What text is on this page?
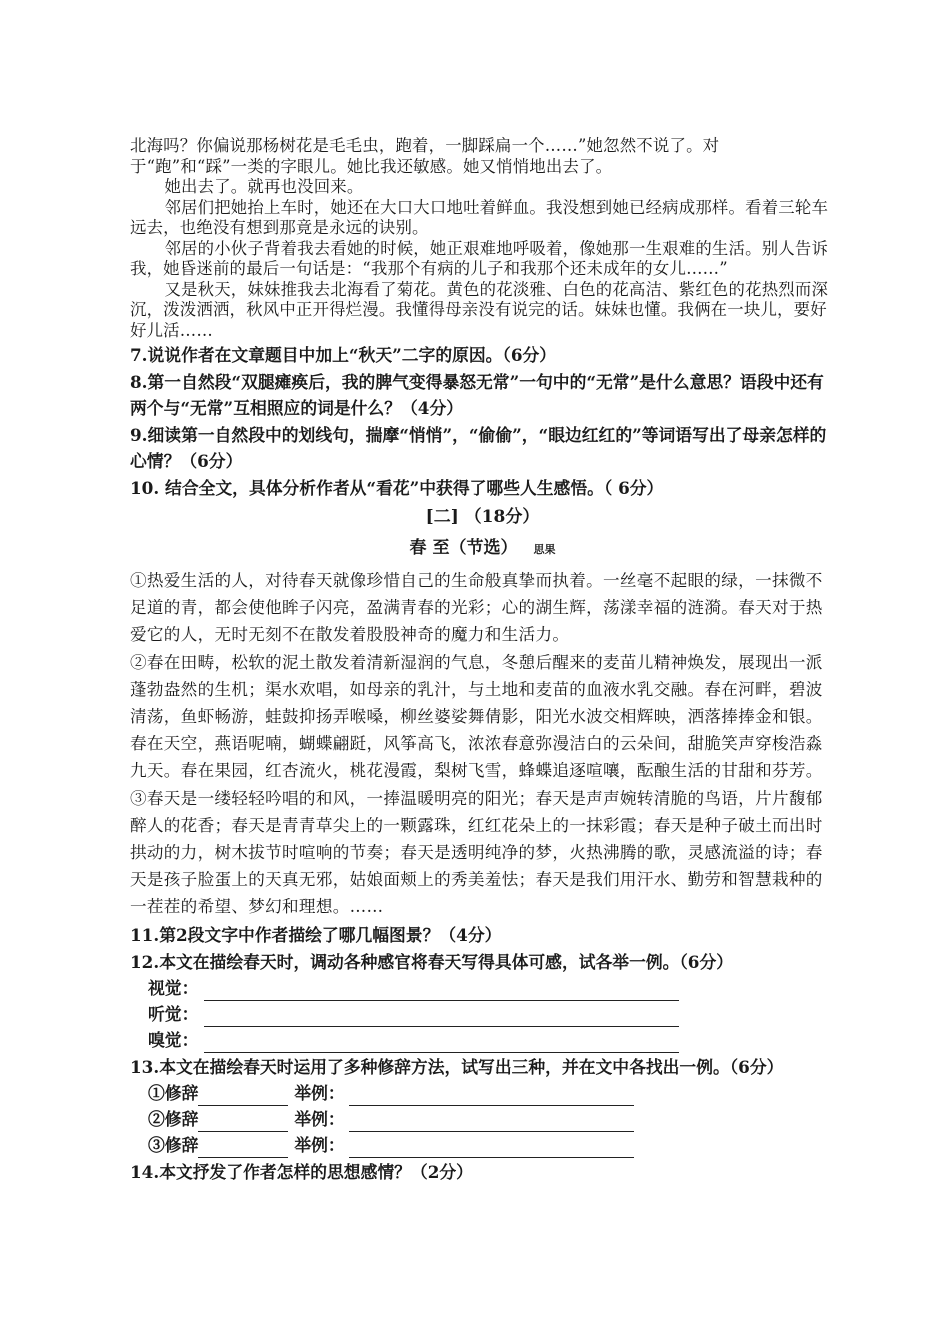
北海吗？你偏说那杨树花是毛毛虫，跑着，一脚踩扁一个……”她忽然不说了。对于“跑”和“踩”一类的字眼儿。她比我还敏感。她又悄悄地出去了。
她出去了。就再也没回来。
邻居们把她抬上车时，她还在大口大口地吐着鲜血。我没想到她已经病成那样。看着三轮车远去，也绝没有想到那竟是永远的诀别。
邻居的小伙子背着我去看她的时候，她正艰难地呼吸着，像她那一生艰难的生活。别人告诉我，她昏迷前的最后一句话是：“我那个有病的儿子和我那个还未成年的女儿……”
又是秋天，妹妹推我去北海看了菊花。黄色的花淡雅、白色的花高洁、紫红色的花热烈而深沉，泼泼洒洒，秋风中正开得烂漫。我懂得母亲没有说完的话。妹妹也懂。我俩在一块儿，要好好儿活……
7.说说作者在文章题目中加上“秋天”二字的原因。（6分）
8.第一自然段“双腿瘫痪后，我的脾气变得暴怒无常”一句中的“无常”是什么意思？语段中还有两个与“无常”互相照应的词是什么？（4分）
9.细读第一自然段中的划线句，揣摩“悄悄”，“偷偷”，“眼边红红的”等词语写出了母亲怎样的心情？（6分）
10. 结合全文，具体分析作者从“看花”中获得了哪些人生感悟。（ 6分）
[二] （18分）
春 至（节选） 思果
①热爱生活的人，对待春天就像珍惜自己的生命般真挚而执着。一丝毫不起眼的绿，一抹微不足道的青，都会使他眸子闪亮，盈满青春的光彩；心的湖生辉，荡漾幸福的涟漪。春天对于热爱它的人，无时无刻不在散发着股股神奇的魔力和生活力。
②春在田畴，松软的泥土散发着清新湿润的气息，冬憩后醒来的麦苗儿精神焕发，展现出一派蓬勃盎然的生机；渠水欢唱，如母亲的乳汁，与土地和麦苗的血液水乳交融。春在河畔，碧波清荡，鱼虾畅游，蛙鼓抑扬弄喉嗓，柳丝婆娑舞倩影，阳光水波交相辉映，洒落捧捧金和银。春在天空，燕语呢喃，蝴蝶翩跹，风筝高飞，浓浓春意弥漫洁白的云朵间，甜脆笑声穿梭浩淼九天。春在果园，红杏流火，桃花漫霞，梨树飞雪，蜂蝶追逐喧嚷，酝酿生活的甘甜和芬芳。
③春天是一缕轻轻吟唱的和风，一捧温暖明亮的阳光；春天是声声婉转清脆的鸟语，片片馥郁醉人的花香；春天是青青草尖上的一颗露珠，红红花朵上的一抹彩霞；春天是种子破土而出时拱动的力，树木拔节时喧响的节奏；春天是透明纯净的梦，火热沸腾的歌，灵感流溢的诗；春天是孩子脸蛋上的天真无邪，姑娘面颊上的秀美羞怯；春天是我们用汗水、勤劳和智慧栽种的一茬茬的希望、梦幻和理想。……
11.第2段文字中作者描绘了哪几幅图景？（4分）
12.本文在描绘春天时，调动各种感官将春天写得具体可感，试各举一例。（6分）
视觉：
听觉：
嗅觉：
13.本文在描绘春天时运用了多种修辞方法，试写出三种，并在文中各找出一例。（6分）
①修辞	举例：
②修辞	举例：
③修辞	举例：
14.本文抒发了作者怎样的思想感情？（2分）
